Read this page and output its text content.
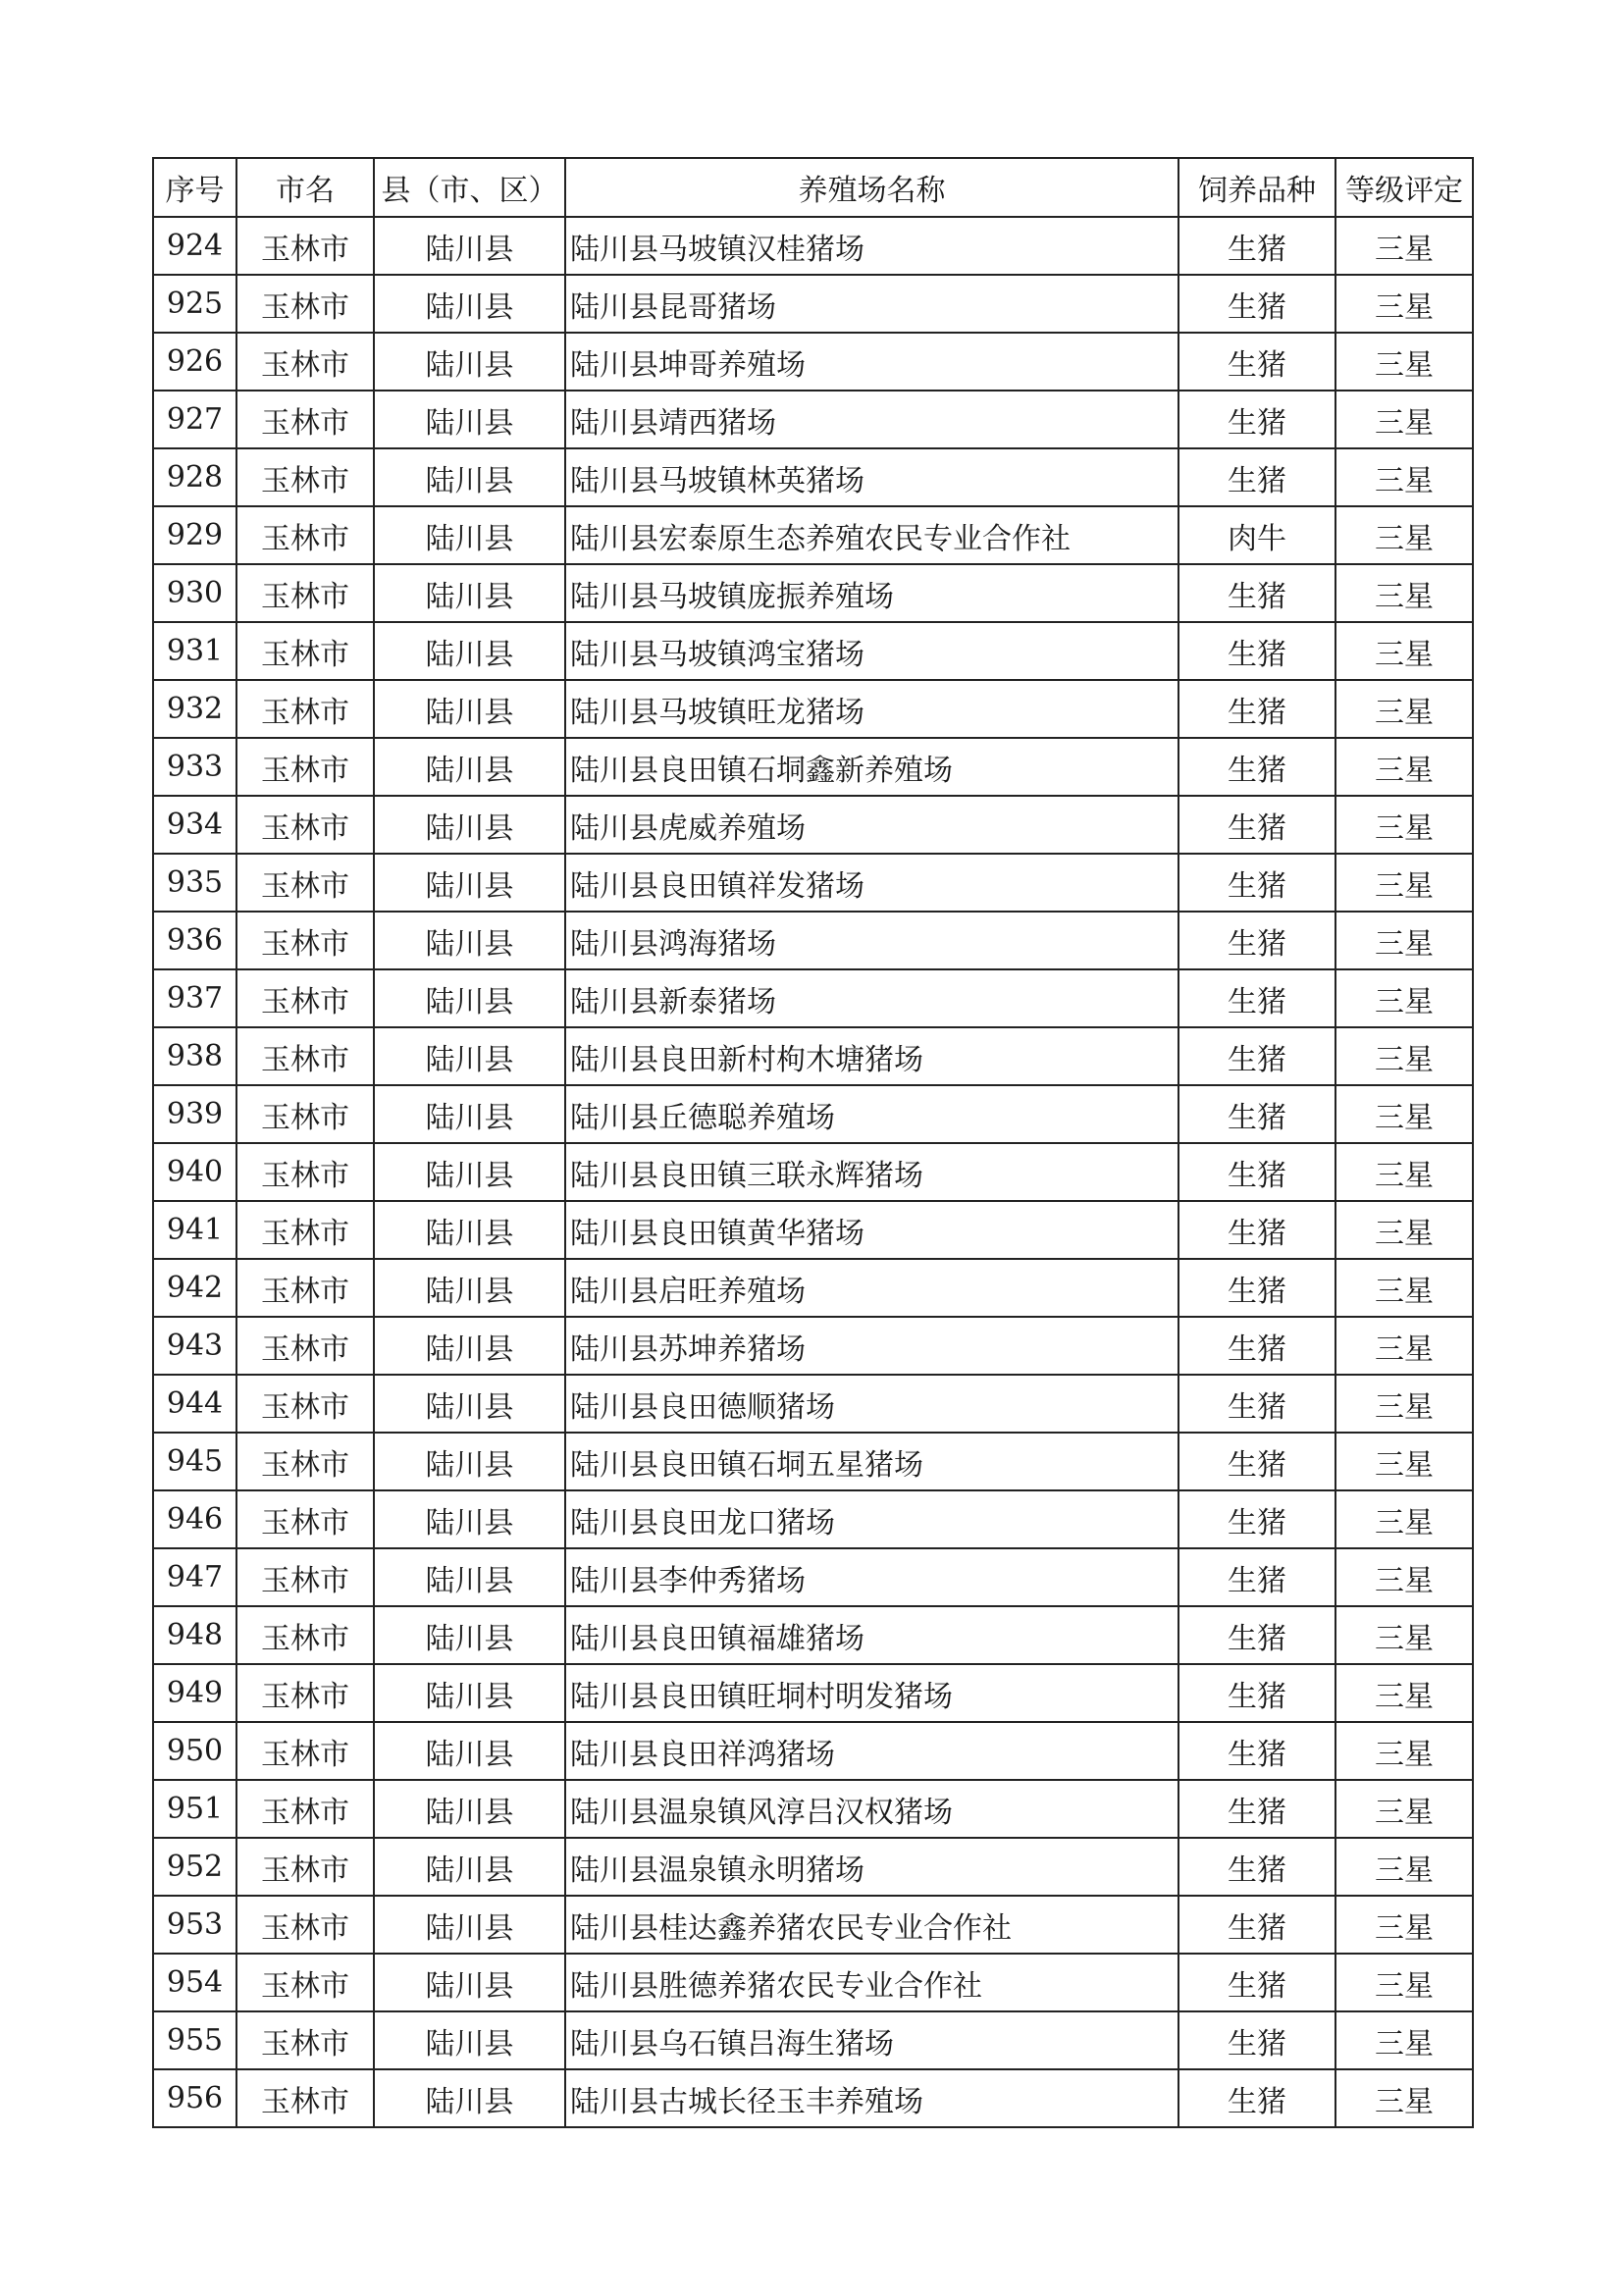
序号	市名	县（市、区）	养殖场名称	饲养品种	等级评定
924	玉林市	陆川县	陆川县马坡镇汉桂猪场	生猪	三星
925	玉林市	陆川县	陆川县昆哥猪场	生猪	三星
926	玉林市	陆川县	陆川县坤哥养殖场	生猪	三星
927	玉林市	陆川县	陆川县靖西猪场	生猪	三星
928	玉林市	陆川县	陆川县马坡镇林英猪场	生猪	三星
929	玉林市	陆川县	陆川县宏泰原生态养殖农民专业合作社	肉牛	三星
930	玉林市	陆川县	陆川县马坡镇庞振养殖场	生猪	三星
931	玉林市	陆川县	陆川县马坡镇鸿宝猪场	生猪	三星
932	玉林市	陆川县	陆川县马坡镇旺龙猪场	生猪	三星
933	玉林市	陆川县	陆川县良田镇石垌鑫新养殖场	生猪	三星
934	玉林市	陆川县	陆川县虎威养殖场	生猪	三星
935	玉林市	陆川县	陆川县良田镇祥发猪场	生猪	三星
936	玉林市	陆川县	陆川县鸿海猪场	生猪	三星
937	玉林市	陆川县	陆川县新泰猪场	生猪	三星
938	玉林市	陆川县	陆川县良田新村枸木塘猪场	生猪	三星
939	玉林市	陆川县	陆川县丘德聪养殖场	生猪	三星
940	玉林市	陆川县	陆川县良田镇三联永辉猪场	生猪	三星
941	玉林市	陆川县	陆川县良田镇黄华猪场	生猪	三星
942	玉林市	陆川县	陆川县启旺养殖场	生猪	三星
943	玉林市	陆川县	陆川县苏坤养猪场	生猪	三星
944	玉林市	陆川县	陆川县良田德顺猪场	生猪	三星
945	玉林市	陆川县	陆川县良田镇石垌五星猪场	生猪	三星
946	玉林市	陆川县	陆川县良田龙口猪场	生猪	三星
947	玉林市	陆川县	陆川县李仲秀猪场	生猪	三星
948	玉林市	陆川县	陆川县良田镇福雄猪场	生猪	三星
949	玉林市	陆川县	陆川县良田镇旺垌村明发猪场	生猪	三星
950	玉林市	陆川县	陆川县良田祥鸿猪场	生猪	三星
951	玉林市	陆川县	陆川县温泉镇风淳吕汉权猪场	生猪	三星
952	玉林市	陆川县	陆川县温泉镇永明猪场	生猪	三星
953	玉林市	陆川县	陆川县桂达鑫养猪农民专业合作社	生猪	三星
954	玉林市	陆川县	陆川县胜德养猪农民专业合作社	生猪	三星
955	玉林市	陆川县	陆川县乌石镇吕海生猪场	生猪	三星
956	玉林市	陆川县	陆川县古城长径玉丰养殖场	生猪	三星
